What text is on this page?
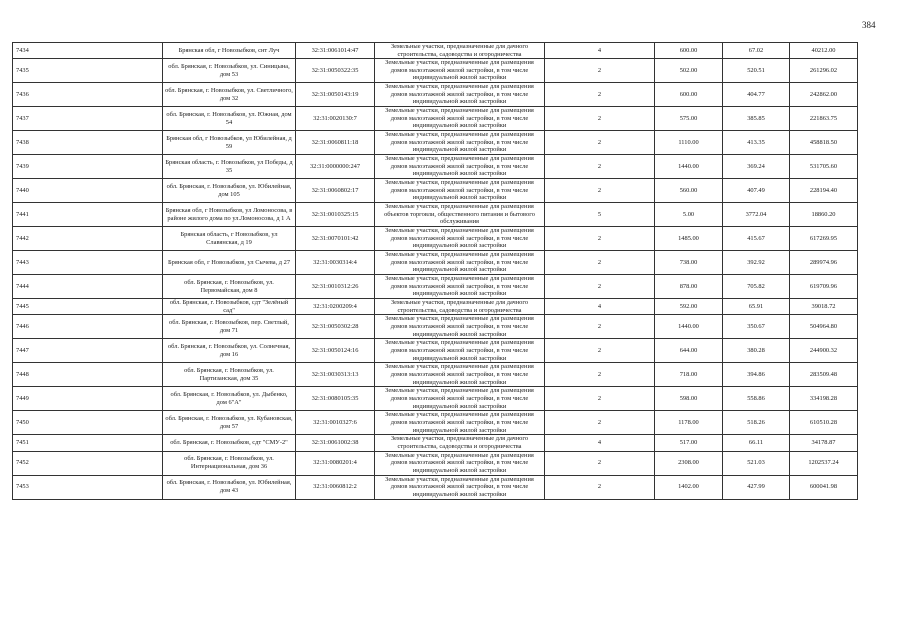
384
7434	Брянская обл, г Новозыбков, снт Луч	32:31:0061014:47	Земельные участки, предназначенные для дачного строительства, садоводства и огородничества	4	600.00	67.02	40212.00
7435	обл. Брянская, г. Новозыбков, ул. Синицына, дом 53	32:31:0050322:35	Земельные участки, предназначенные для размещения домов малоэтажной жилой застройки, в том числе индивидуальной жилой застройки	2	502.00	520.51	261296.02
7436	обл. Брянская, г. Новозыбков, ул. Светличного, дом 32	32:31:0050143:19	Земельные участки, предназначенные для размещения домов малоэтажной жилой застройки, в том числе индивидуальной жилой застройки	2	600.00	404.77	242862.00
7437	обл. Брянская, г. Новозыбков, ул. Южная, дом 54	32:31:0020130:7	Земельные участки, предназначенные для размещения домов малоэтажной жилой застройки, в том числе индивидуальной жилой застройки	2	575.00	385.85	221863.75
7438	Брянская обл, г Новозыбков, ул Юбилейная, д 59	32:31:0060811:18	Земельные участки, предназначенные для размещения домов малоэтажной жилой застройки, в том числе индивидуальной жилой застройки	2	1110.00	413.35	458818.50
7439	Брянская область, г. Новозыбков, ул Победы, д 35	32:31:0000000:247	Земельные участки, предназначенные для размещения домов малоэтажной жилой застройки, в том числе индивидуальной жилой застройки	2	1440.00	369.24	531705.60
7440	обл. Брянская, г. Новозыбков, ул. Юбилейная, дом 105	32:31:0060802:17	Земельные участки, предназначенные для размещения домов малоэтажной жилой застройки, в том числе индивидуальной жилой застройки	2	560.00	407.49	228194.40
7441	Брянская обл, г Новозыбков, ул Ломоносова, в районе жилого дома по ул.Ломоносова, д 1 А	32:31:0010325:15	Земельные участки, предназначенные для размещения объектов торговли, общественного питания и бытового обслуживания	5	5.00	3772.04	18860.20
7442	Брянская область, г Новозыбков, ул Славянская, д 19	32:31:0070101:42	Земельные участки, предназначенные для размещения домов малоэтажной жилой застройки, в том числе индивидуальной жилой застройки	2	1485.00	415.67	617269.95
7443	Брянская обл, г Новозыбков, ул Сычева, д 27	32:31:0030314:4	Земельные участки, предназначенные для размещения домов малоэтажной жилой застройки, в том числе индивидуальной жилой застройки	2	738.00	392.92	289974.96
7444	обл. Брянская, г. Новозыбков, ул. Первомайская, дом 8	32:31:0010312:26	Земельные участки, предназначенные для размещения домов малоэтажной жилой застройки, в том числе индивидуальной жилой застройки	2	878.00	705.82	619709.96
7445	обл. Брянская, г. Новозыбков, сдт "Зелёный сад"	32:31:0200209:4	Земельные участки, предназначенные для дачного строительства, садоводства и огородничества	4	592.00	65.91	39018.72
7446	обл. Брянская, г. Новозыбков, пер. Светлый, дом 71	32:31:0050302:28	Земельные участки, предназначенные для размещения домов малоэтажной жилой застройки, в том числе индивидуальной жилой застройки	2	1440.00	350.67	504964.80
7447	обл. Брянская, г. Новозыбков, ул. Солнечная, дом 16	32:31:0050124:16	Земельные участки, предназначенные для размещения домов малоэтажной жилой застройки, в том числе индивидуальной жилой застройки	2	644.00	380.28	244900.32
7448	обл. Брянская, г. Новозыбков, ул. Партизанская, дом 35	32:31:0030313:13	Земельные участки, предназначенные для размещения домов малоэтажной жилой застройки, в том числе индивидуальной жилой застройки	2	718.00	394.86	283509.48
7449	обл. Брянская, г. Новозыбков, ул. Дыбенко, дом 6"А"	32:31:0080105:35	Земельные участки, предназначенные для размещения домов малоэтажной жилой застройки, в том числе индивидуальной жилой застройки	2	598.00	558.86	334198.28
7450	обл. Брянская, г. Новозыбков, ул. Кубановская, дом 57	32:31:0010327:6	Земельные участки, предназначенные для размещения домов малоэтажной жилой застройки, в том числе индивидуальной жилой застройки	2	1178.00	518.26	610510.28
7451	обл. Брянская, г. Новозыбков, сдт "СМУ-2"	32:31:0061002:38	Земельные участки, предназначенные для дачного строительства, садоводства и огородничества	4	517.00	66.11	34178.87
7452	обл. Брянская, г. Новозыбков, ул. Интернациональная, дом 36	32:31:0080201:4	Земельные участки, предназначенные для размещения домов малоэтажной жилой застройки, в том числе индивидуальной жилой застройки	2	2308.00	521.03	1202537.24
7453	обл. Брянская, г. Новозыбков, ул. Юбилейная, дом 43	32:31:0060812:2	Земельные участки, предназначенные для размещения домов малоэтажной жилой застройки, в том числе индивидуальной жилой застройки	2	1402.00	427.99	600041.98
